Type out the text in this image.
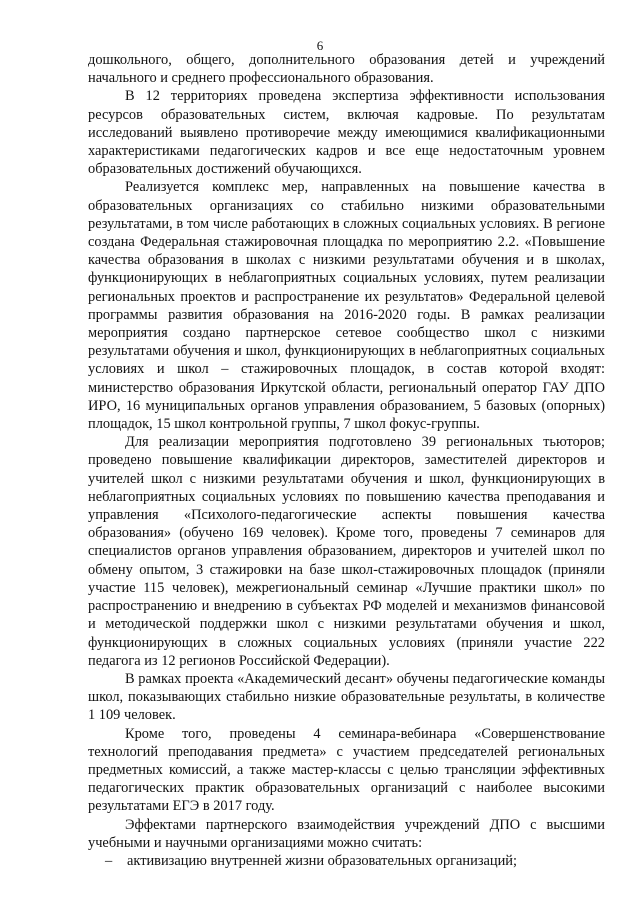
6

дошкольного, общего, дополнительного образования детей и учреждений начального и среднего профессионального образования.

В 12 территориях проведена экспертиза эффективности использования ресурсов образовательных систем, включая кадровые. По результатам исследований выявлено противоречие между имеющимися квалификационными характеристиками педагогических кадров и все еще недостаточным уровнем образовательных достижений обучающихся.

Реализуется комплекс мер, направленных на повышение качества в образовательных организациях со стабильно низкими образовательными результатами, в том числе работающих в сложных социальных условиях. В регионе создана Федеральная стажировочная площадка по мероприятию 2.2. «Повышение качества образования в школах с низкими результатами обучения и в школах, функционирующих в неблагоприятных социальных условиях, путем реализации региональных проектов и распространение их результатов» Федеральной целевой программы развития образования на 2016-2020 годы. В рамках реализации мероприятия создано партнерское сетевое сообщество школ с низкими результатами обучения и школ, функционирующих в неблагоприятных социальных условиях и школ – стажировочных площадок, в состав которой входят: министерство образования Иркутской области, региональный оператор ГАУ ДПО ИРО, 16 муниципальных органов управления образованием, 5 базовых (опорных) площадок, 15 школ контрольной группы, 7 школ фокус-группы.

Для реализации мероприятия подготовлено 39 региональных тьюторов; проведено повышение квалификации директоров, заместителей директоров и учителей школ с низкими результатами обучения и школ, функционирующих в неблагоприятных социальных условиях по повышению качества преподавания и управления «Психолого-педагогические аспекты повышения качества образования» (обучено 169 человек). Кроме того, проведены 7 семинаров для специалистов органов управления образованием, директоров и учителей школ по обмену опытом, 3 стажировки на базе школ-стажировочных площадок (приняли участие 115 человек), межрегиональный семинар «Лучшие практики школ» по распространению и внедрению в субъектах РФ моделей и механизмов финансовой и методической поддержки школ с низкими результатами обучения и школ, функционирующих в сложных социальных условиях (приняли участие 222 педагога из 12 регионов Российской Федерации).

В рамках проекта «Академический десант» обучены педагогические команды школ, показывающих стабильно низкие образовательные результаты, в количестве 1 109 человек.

Кроме того, проведены 4 семинара-вебинара «Совершенствование технологий преподавания предмета» с участием председателей региональных предметных комиссий, а также мастер-классы с целью трансляции эффективных педагогических практик образовательных организаций с наиболее высокими результатами ЕГЭ в 2017 году.

Эффектами партнерского взаимодействия учреждений ДПО с высшими учебными и научными организациями можно считать:

–	активизацию внутренней жизни образовательных организаций;
